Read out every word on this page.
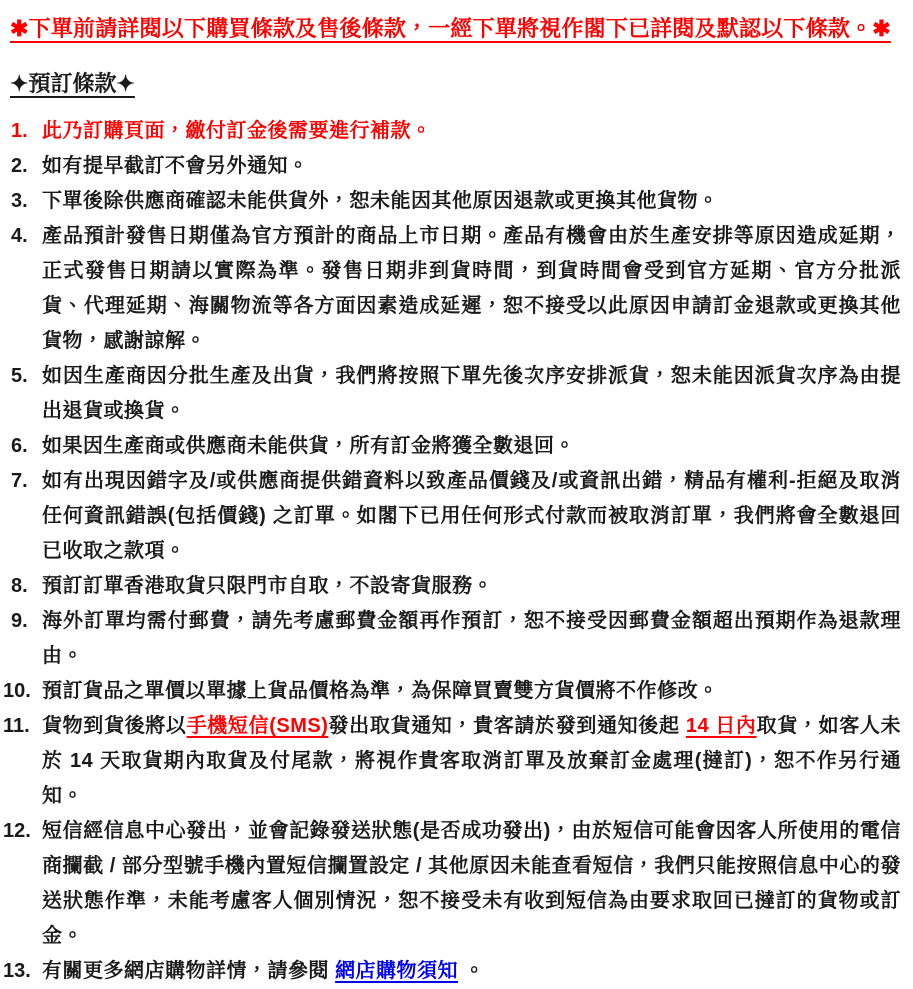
✱下單前請詳閱以下購買條款及售後條款，一經下單將視作閣下已詳閱及默認以下條款。✱
✦預訂條款✦
1. 此乃訂購頁面，繳付訂金後需要進行補款。
2. 如有提早截訂不會另外通知。
3. 下單後除供應商確認未能供貨外，恕未能因其他原因退款或更換其他貨物。
4. 產品預計發售日期僅為官方預計的商品上市日期。產品有機會由於生產安排等原因造成延期，正式發售日期請以實際為準。發售日期非到貨時間，到貨時間會受到官方延期、官方分批派貨、代理延期、海關物流等各方面因素造成延遲，恕不接受以此原因申請訂金退款或更換其他貨物，感謝諒解。
5. 如因生產商因分批生產及出貨，我們將按照下單先後次序安排派貨，恕未能因派貨次序為由提出退貨或換貨。
6. 如果因生產商或供應商未能供貨，所有訂金將獲全數退回。
7. 如有出現因錯字及/或供應商提供錯資料以致產品價錢及/或資訊出錯，精品有權利-拒絕及取消任何資訊錯誤(包括價錢) 之訂單。如閣下已用任何形式付款而被取消訂單，我們將會全數退回已收取之款項。
8. 預訂訂單香港取貨只限門市自取，不設寄貨服務。
9. 海外訂單均需付郵費，請先考慮郵費金額再作預訂，恕不接受因郵費金額超出預期作為退款理由。
10. 預訂貨品之單價以單據上貨品價格為準，為保障買賣雙方貨價將不作修改。
11. 貨物到貨後將以手機短信(SMS)發出取貨通知，貴客請於發到通知後起 14 日內取貨，如客人未於 14 天取貨期內取貨及付尾款，將視作貴客取消訂單及放棄訂金處理(撻訂)，恕不作另行通知。
12. 短信經信息中心發出，並會記錄發送狀態(是否成功發出)，由於短信可能會因客人所使用的電信商攔截 / 部分型號手機內置短信攔置設定 / 其他原因未能查看短信，我們只能按照信息中心的發送狀態作準，未能考慮客人個別情況，恕不接受未有收到短信為由要求取回已撻訂的貨物或訂金。
13. 有關更多網店購物詳情，請參閱 網店購物須知 。
